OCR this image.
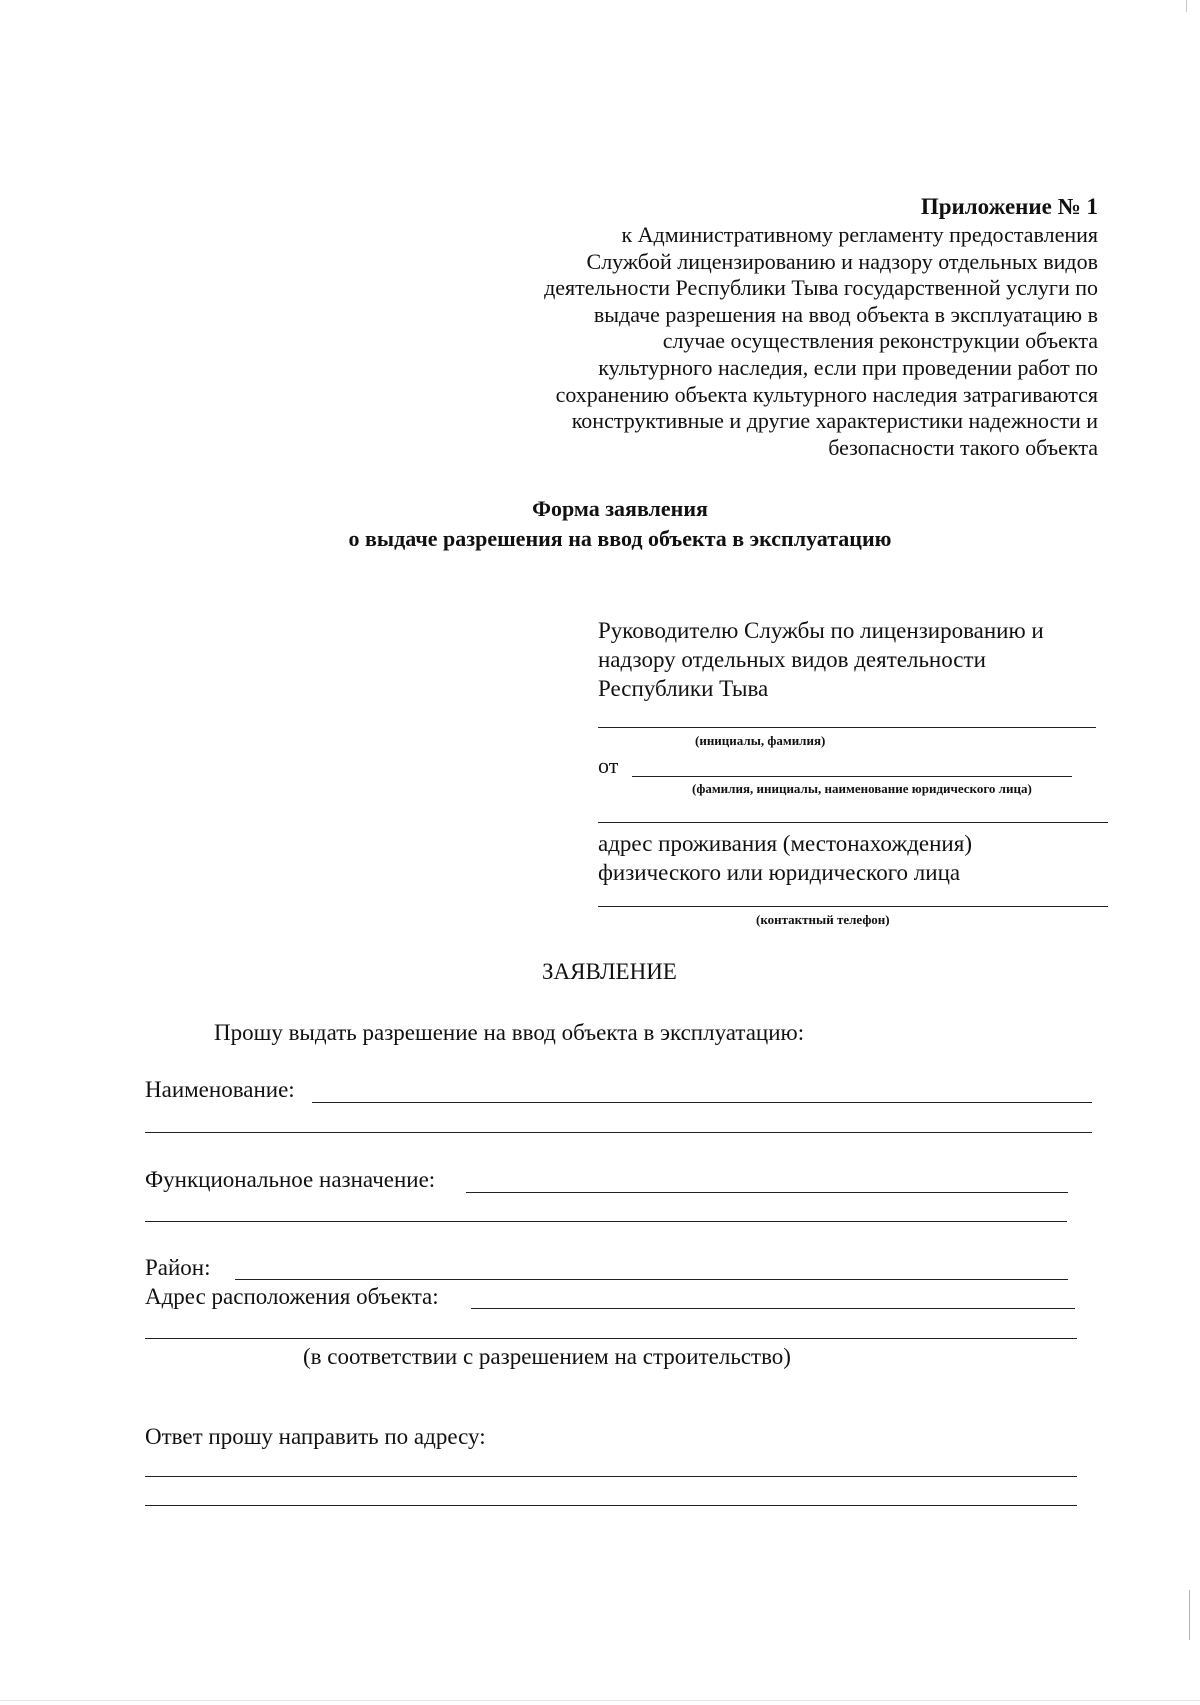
Приложение № 1
к Административному регламенту предоставления
Службой лицензированию и надзору отдельных видов
деятельности Республики Тыва государственной услуги по
выдаче разрешения на ввод объекта в эксплуатацию в
случае осуществления реконструкции объекта
культурного наследия, если при проведении работ по
сохранению объекта культурного наследия затрагиваются
конструктивные и другие характеристики надежности и
безопасности такого объекта
Форма заявления
о выдаче разрешения на ввод объекта в эксплуатацию
Руководителю Службы по лицензированию и
надзору отдельных видов деятельности
Республики Тыва
(инициалы, фамилия)
от
(фамилия, инициалы, наименование юридического лица)
адрес проживания (местонахождения)
физического или юридического лица
(контактный телефон)
ЗАЯВЛЕНИЕ
Прошу выдать разрешение на ввод объекта в эксплуатацию:
Наименование:
Функциональное назначение:
Район:
Адрес расположения объекта:
(в соответствии с разрешением на строительство)
Ответ прошу направить по адресу:
